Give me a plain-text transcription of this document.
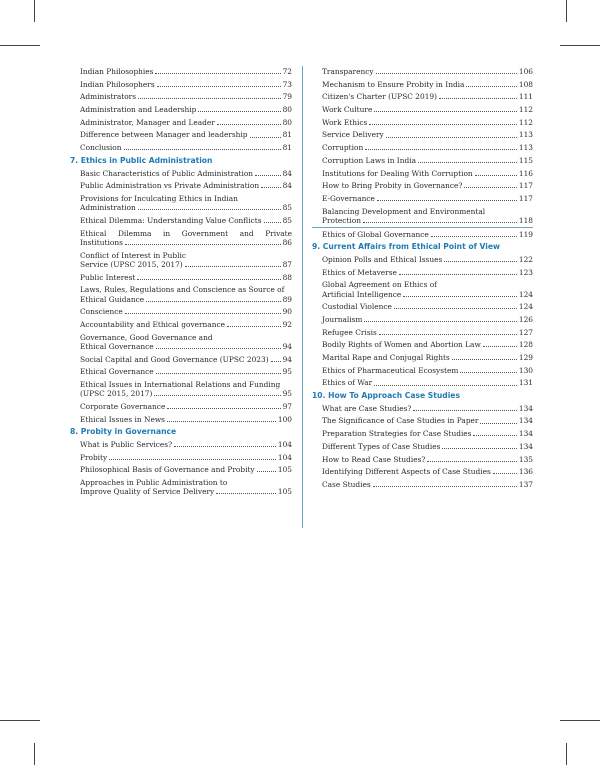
Indian Philosophies	72
Indian Philosophers	73
Administrators	79
Administration and Leadership	80
Administrator, Manager and Leader	80
Difference between Manager and leadership	81
Conclusion	81
7. Ethics in Public Administration
Basic Characteristics of Public Administration	84
Public Administration vs Private Administration	84
Provisions for Inculcating Ethics in Indian
Administration	85
Ethical Dilemma: Understanding Value Conflicts	85
Ethical Dilemma in Government and Private
Institutions	86
Conflict of Interest in Public
Service (UPSC 2015, 2017)	87
Public Interest	88
Laws, Rules, Regulations and Conscience as Source of
Ethical Guidance	89
Conscience	90
Accountability and Ethical governance	92
Governance, Good Governance and
Ethical Governance	94
Social Capital and Good Governance (UPSC 2023) 94
Ethical Governance	95
Ethical Issues in International Relations and Funding
(UPSC 2015, 2017)	95
Corporate Governance	97
Ethical Issues in News	100
8. Probity in Governance
What is Public Services?	104
Probity	104
Philosophical Basis of Governance and Probity	105
Approaches in Public Administration to
Improve Quality of Service Delivery	105
Transparency	106
Mechanism to Ensure Probity in India	108
Citizen's Charter (UPSC 2019)	111
Work Culture	112
Work Ethics	112
Service Delivery	113
Corruption	113
Corruption Laws in India	115
Institutions for Dealing With Corruption	116
How to Bring Probity in Governance?	117
E-Governance	117
Balancing Development and Environmental
Protection	118
Ethics of Global Governance	119
9. Current Affairs from Ethical Point of View
Opinion Polls and Ethical Issues	122
Ethics of Metaverse	123
Global Agreement on Ethics of
Artificial Intelligence	124
Custodial Violence	124
Journalism	126
Refugee Crisis	127
Bodily Rights of Women and Abortion Law	128
Marital Rape and Conjugal Rights	129
Ethics of Pharmaceutical Ecosystem	130
Ethics of War	131
10. How To Approach Case Studies
What are Case Studies?	134
The Significance of Case Studies in Paper	134
Preparation Strategies for Case Studies	134
Different Types of Case Studies	134
How to Read Case Studies?	135
Identifying Different Aspects of Case Studies	136
Case Studies	137
